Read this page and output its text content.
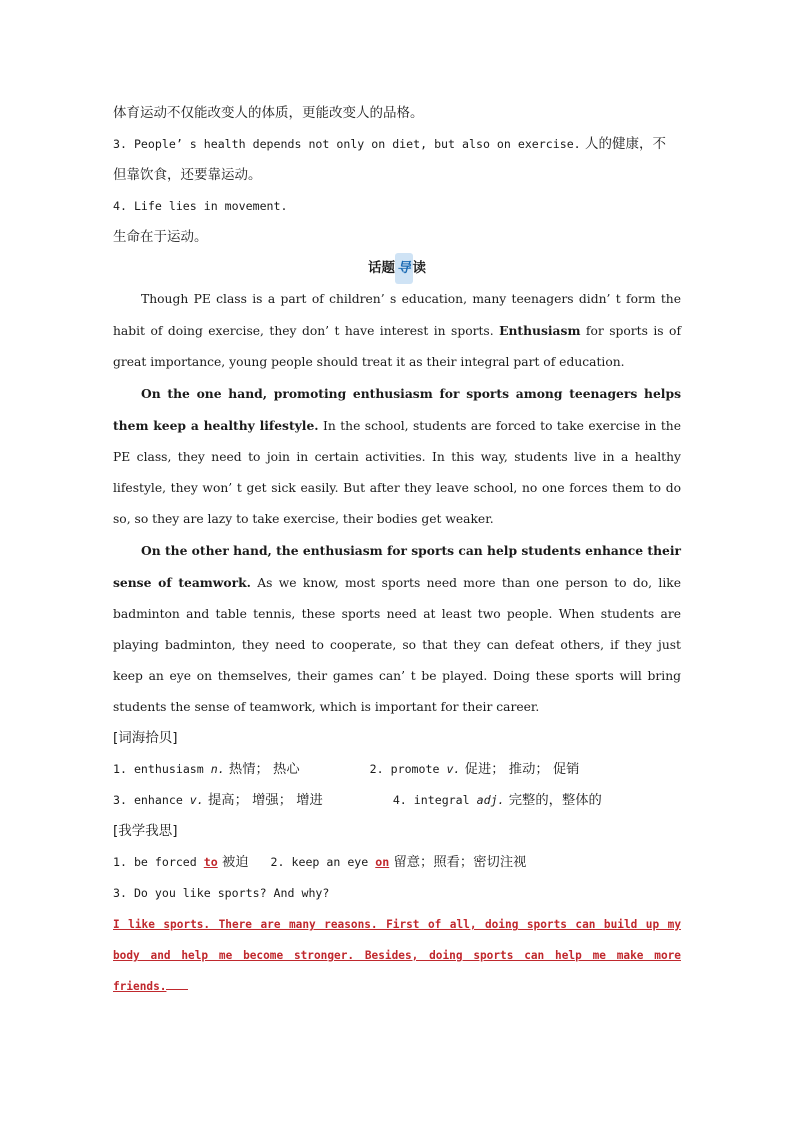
体育运动不仅能改变人的体质，更能改变人的品格。
3. People’ s health depends not only on diet, but also on exercise. 人的健康，不
但靠饮食，还要靠运动。
4. Life lies in movement.
生命在于运动。
话题 导 读
Though PE class is a part of children’ s education, many teenagers didn’ t form the habit of doing exercise, they don’ t have interest in sports. Enthusiasm for sports is of great importance, young people should treat it as their integral part of education.
On the one hand, promoting enthusiasm for sports among teenagers helps them keep a healthy lifestyle. In the school, students are forced to take exercise in the PE class, they need to join in certain activities. In this way, students live in a healthy lifestyle, they won’ t get sick easily. But after they leave school, no one forces them to do so, so they are lazy to take exercise, their bodies get weaker.
On the other hand, the enthusiasm for sports can help students enhance their sense of teamwork. As we know, most sports need more than one person to do, like badminton and table tennis, these sports need at least two people. When students are playing badminton, they need to cooperate, so that they can defeat others, if they just keep an eye on themselves, their games can’ t be played. Doing these sports will bring students the sense of teamwork, which is important for their career.
[词海拾贝]
1. enthusiasm n. 热情； 热心	2. promote v. 促进； 推动； 促销
3. enhance v. 提高； 增强； 增进	4. integral adj. 完整的，整体的
[我学我思]
1. be forced to 被迫 2. keep an eye on 留意；照看；密切注视
3. Do you like sports? And why?
I like sports. There are many reasons. First of all, doing sports can build up my body and help me become stronger. Besides, doing sports can help me make more friends.
